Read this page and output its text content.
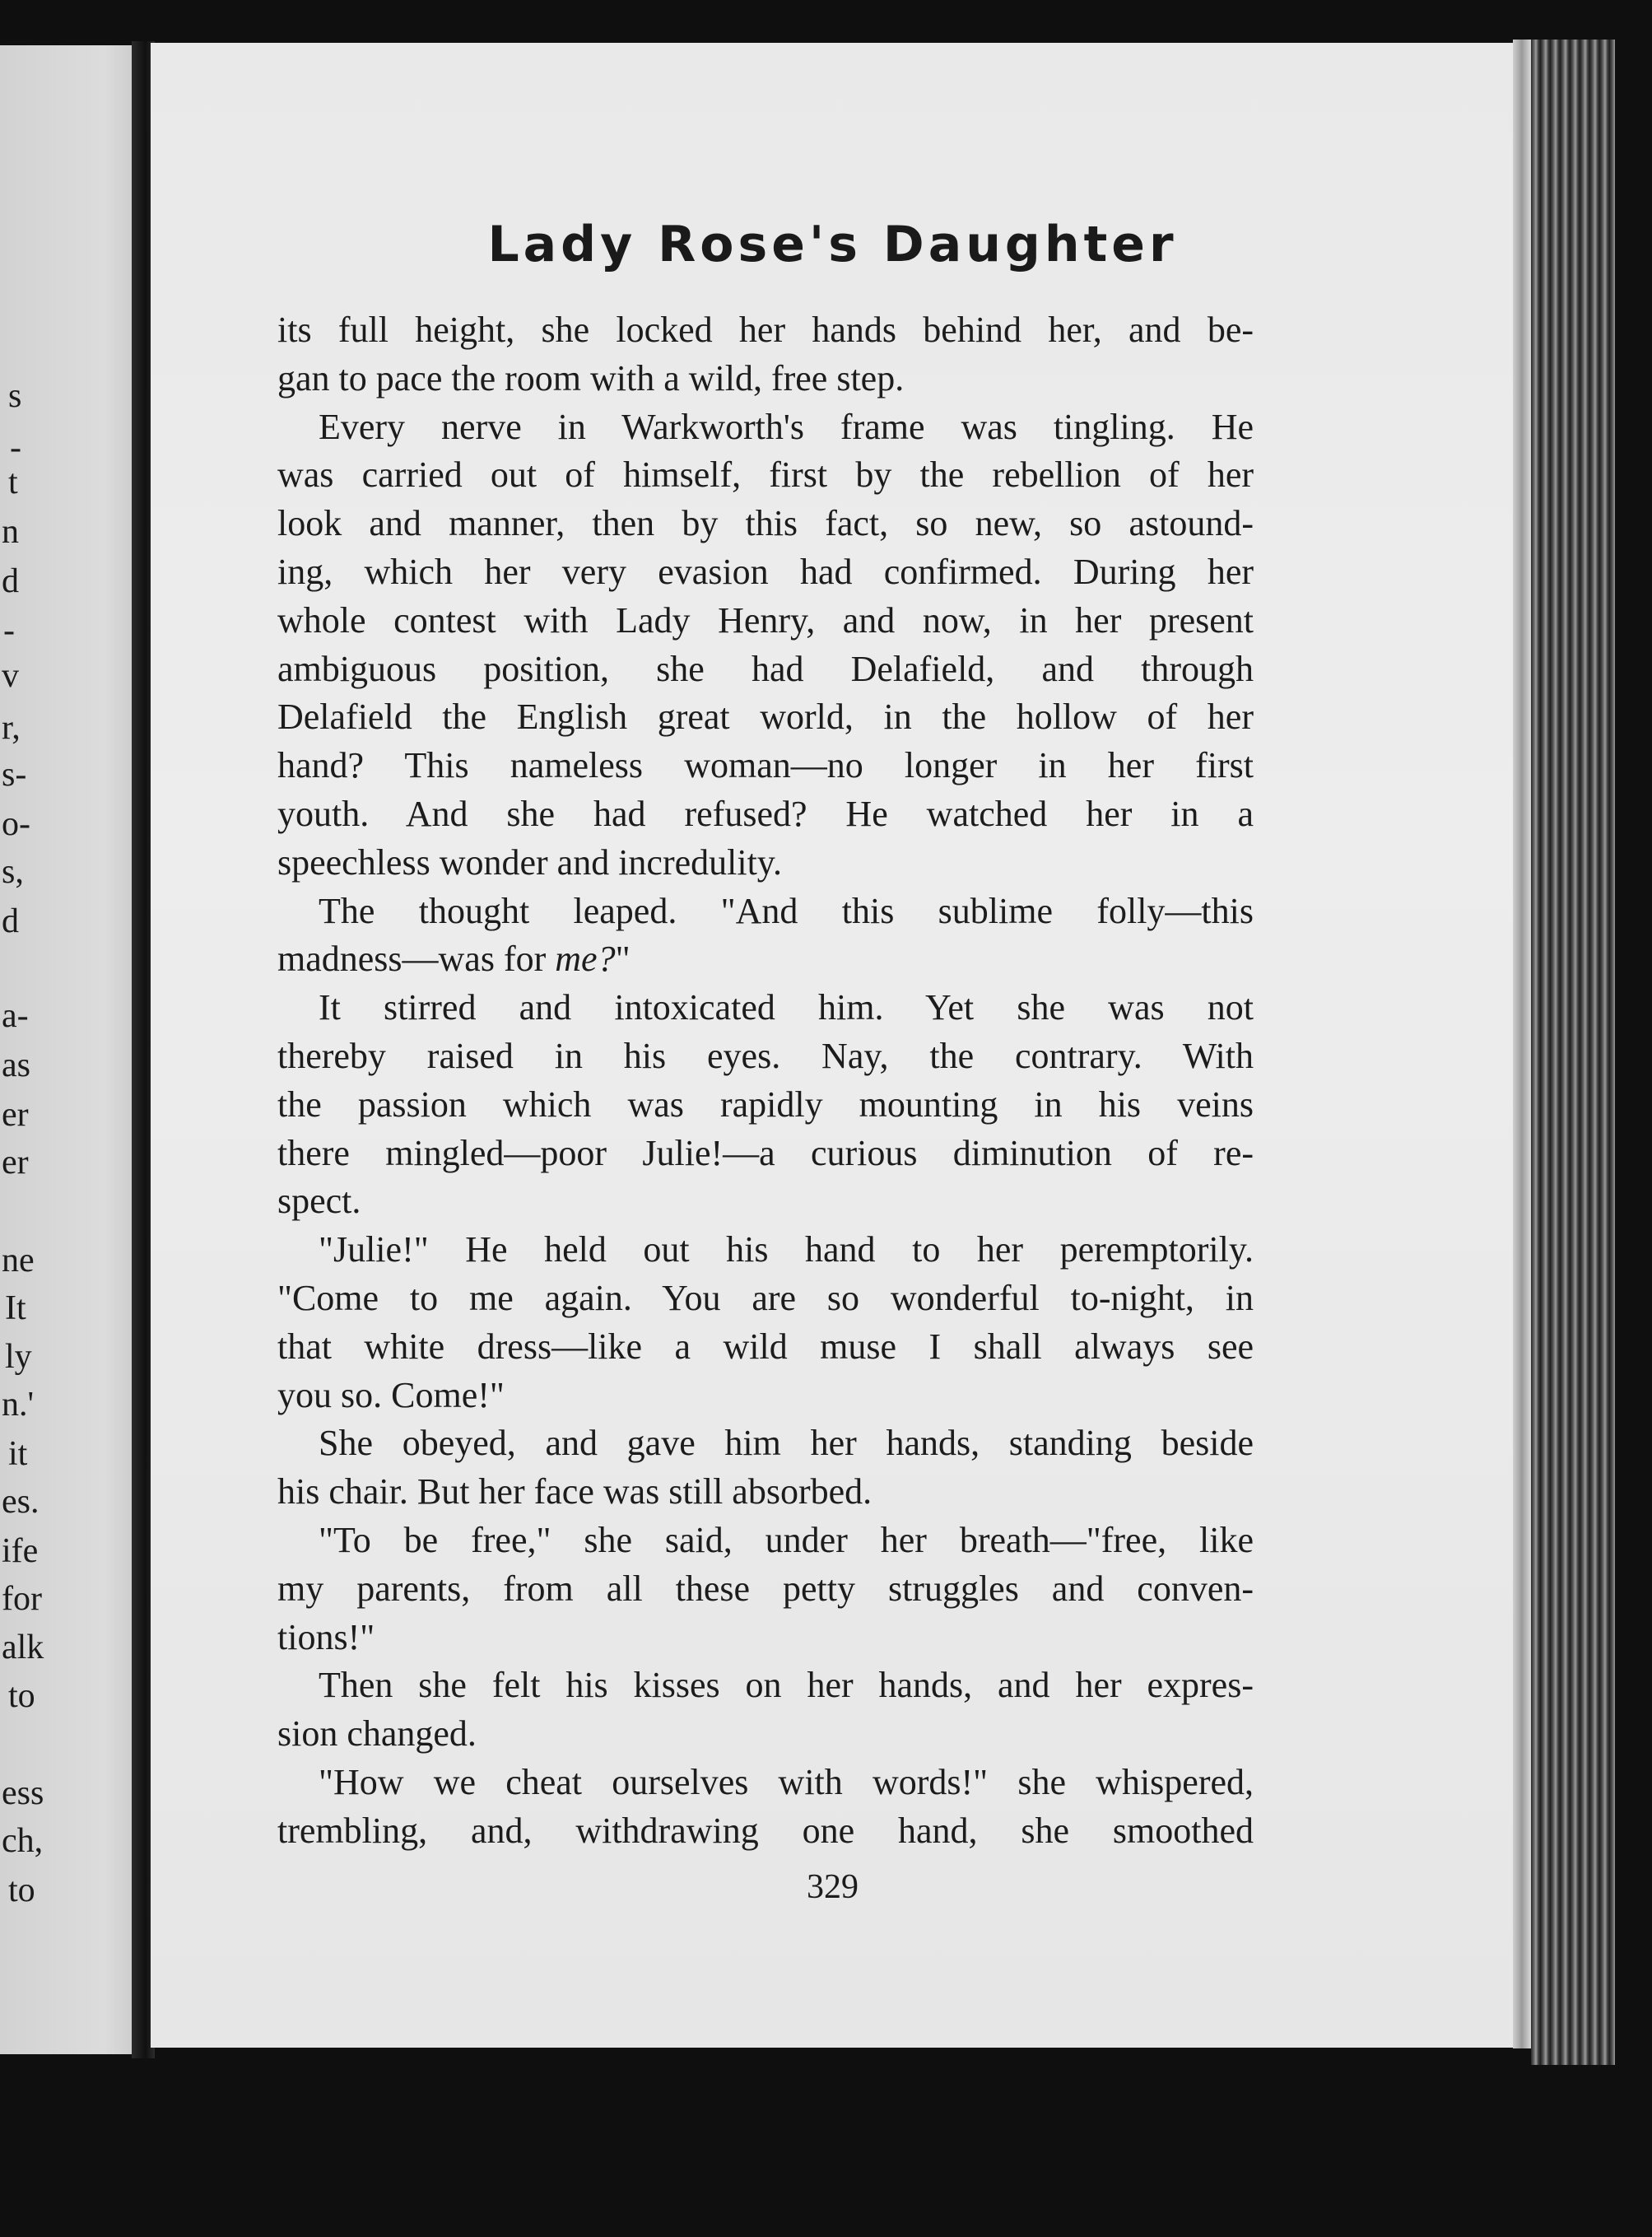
s
-
t
n
d
-
v
r,
s-
o-
s,
d
a-
as
er
er
ne
It
ly
n.'
it
es.
ife
for
alk
to
ess
ch,
to
Lady Rose's Daughter
its full height, she locked her hands behind her, and be-
gan to pace the room with a wild, free step.
Every nerve in Warkworth's frame was tingling. He
was carried out of himself, first by the rebellion of her
look and manner, then by this fact, so new, so astound-
ing, which her very evasion had confirmed. During her
whole contest with Lady Henry, and now, in her present
ambiguous position, she had Delafield, and through
Delafield the English great world, in the hollow of her
hand? This nameless woman—no longer in her first
youth. And she had refused? He watched her in a
speechless wonder and incredulity.
The thought leaped. "And this sublime folly—this
madness—was for me?"
It stirred and intoxicated him. Yet she was not
thereby raised in his eyes. Nay, the contrary. With
the passion which was rapidly mounting in his veins
there mingled—poor Julie!—a curious diminution of re-
spect.
"Julie!" He held out his hand to her peremptorily.
"Come to me again. You are so wonderful to-night, in
that white dress—like a wild muse I shall always see
you so. Come!"
She obeyed, and gave him her hands, standing beside
his chair. But her face was still absorbed.
"To be free," she said, under her breath—"free, like
my parents, from all these petty struggles and conven-
tions!"
Then she felt his kisses on her hands, and her expres-
sion changed.
"How we cheat ourselves with words!" she whispered,
trembling, and, withdrawing one hand, she smoothed
329
